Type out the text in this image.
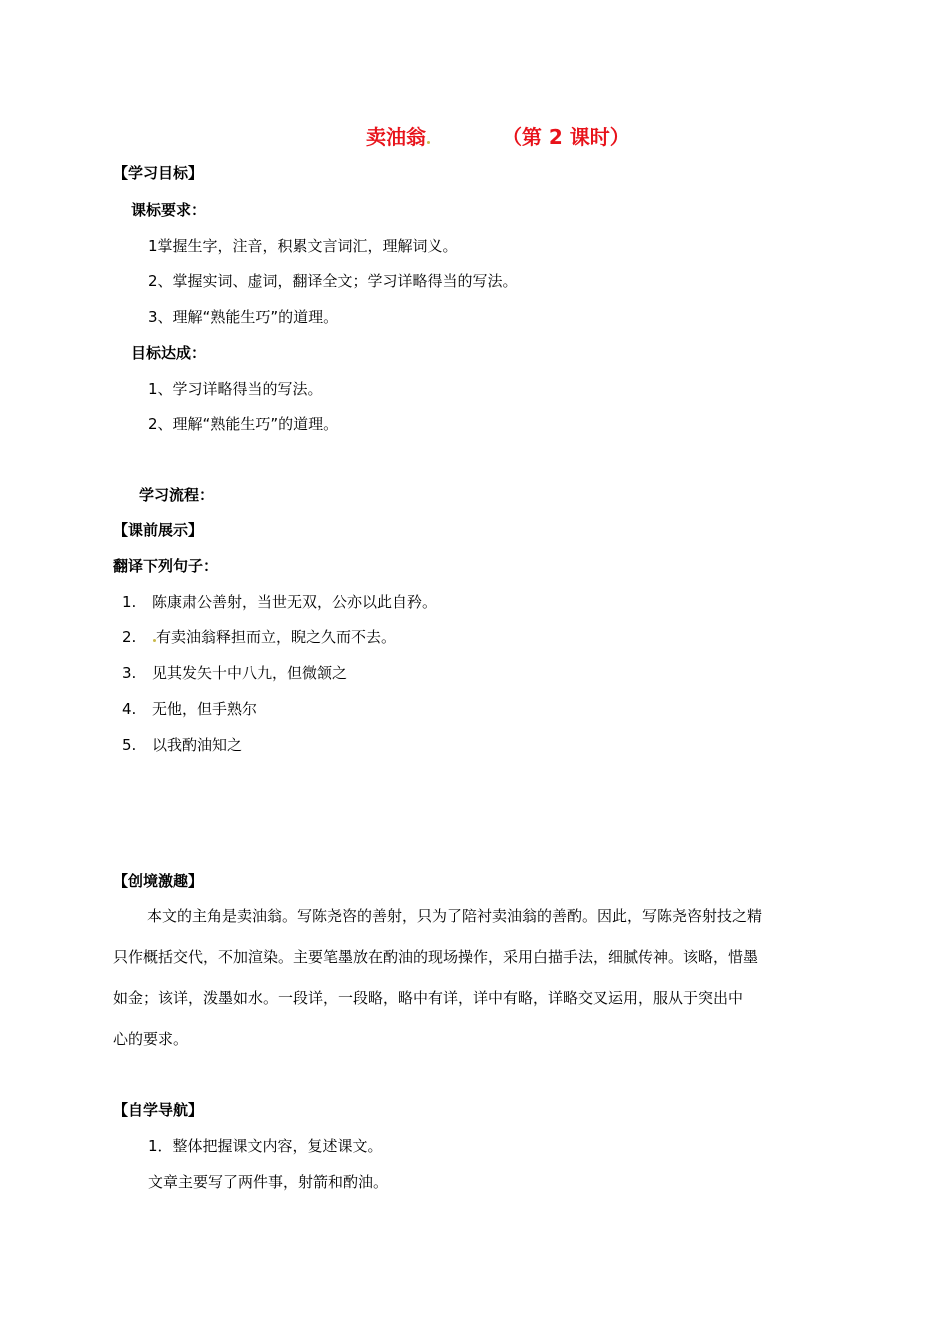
卖油翁	（第 2 课时）
【学习目标】
课标要求：
1掌握生字，注音，积累文言词汇，理解词义。
2、掌握实词、虚词，翻译全文；学习详略得当的写法。
3、理解“熟能生巧”的道理。
目标达成：
1、学习详略得当的写法。
2、理解“熟能生巧”的道理。
学习流程：
【课前展示】
翻译下列句子：
1. 陈康肃公善射，当世无双，公亦以此自矜。
2. 有卖油翁释担而立，睨之久而不去。
3. 见其发矢十中八九，但微颔之
4. 无他，但手熟尔
5. 以我酌油知之
【创境激趣】
本文的主角是卖油翁。写陈尧咨的善射，只为了陪衬卖油翁的善酌。因此，写陈尧咨射技之精
只作概括交代，不加渲染。主要笔墨放在酌油的现场操作，采用白描手法，细腻传神。该略，惜墨
如金；该详，泼墨如水。一段详，一段略，略中有详，详中有略，详略交叉运用，服从于突出中
心的要求。
【自学导航】
1．整体把握课文内容，复述课文。
文章主要写了两件事，射箭和酌油。
